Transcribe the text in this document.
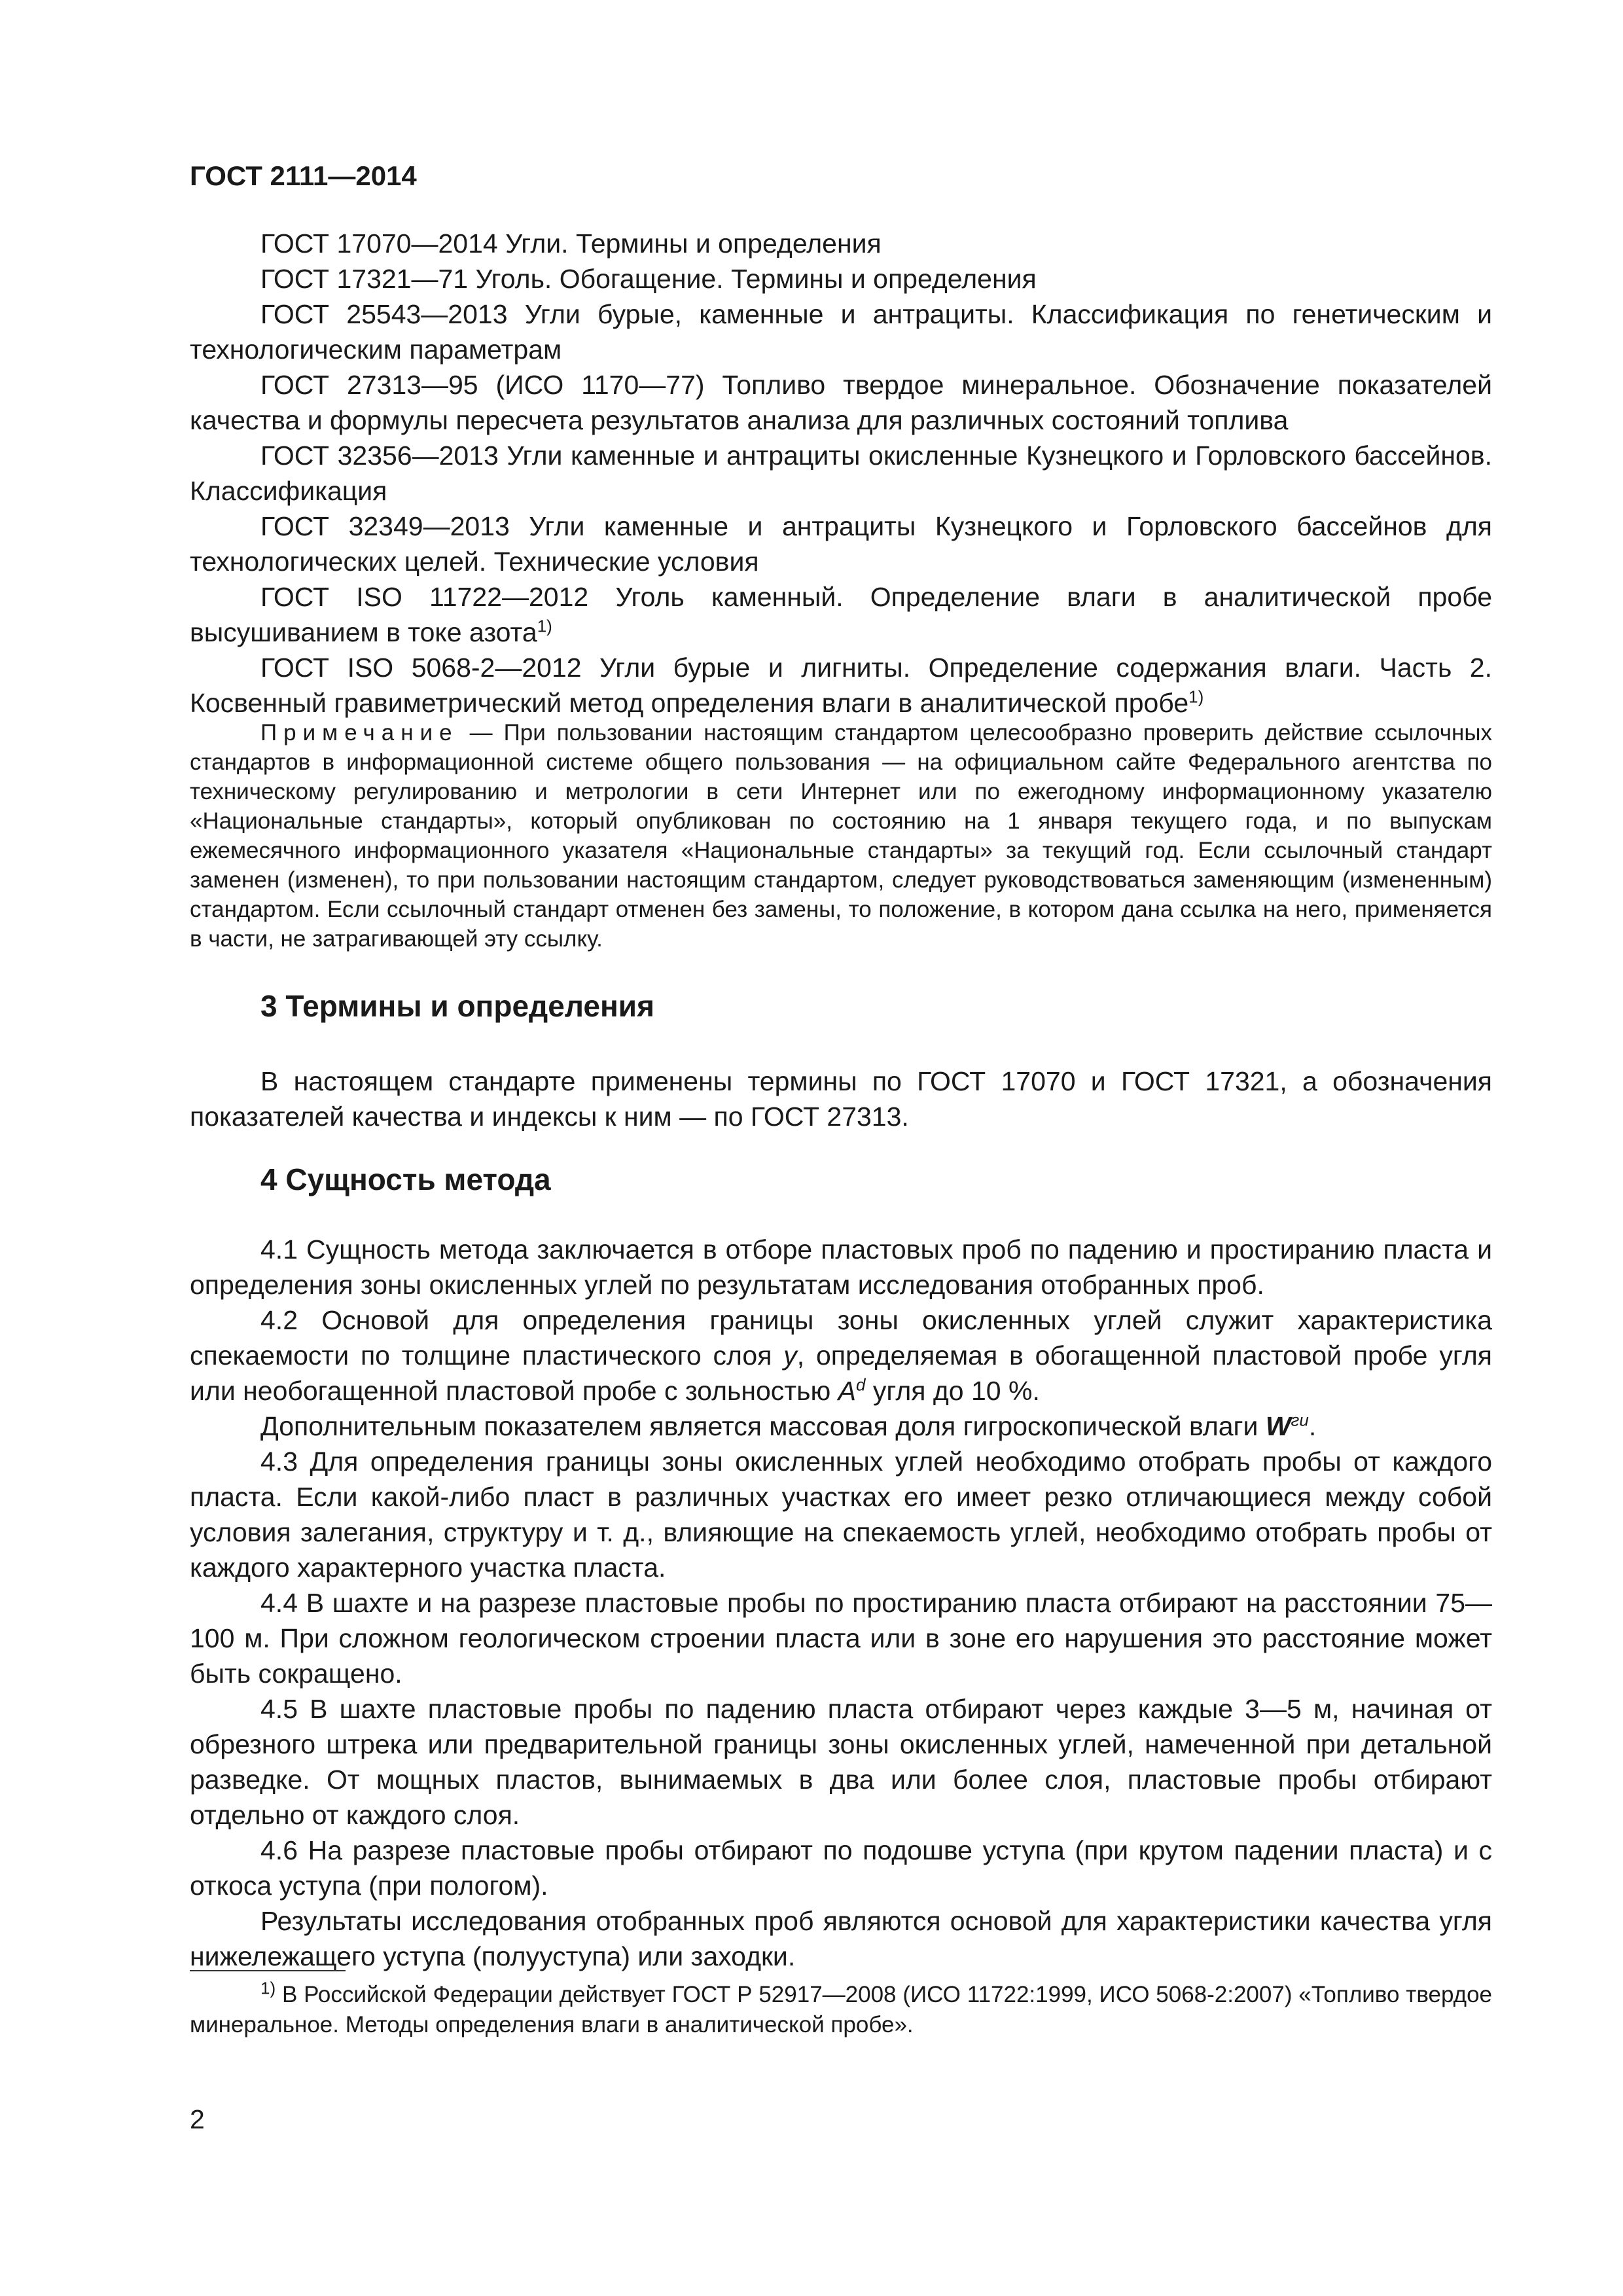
ГОСТ 2111—2014

ГОСТ 17070—2014 Угли. Термины и определения

ГОСТ 17321—71 Уголь. Обогащение. Термины и определения

ГОСТ 25543—2013 Угли бурые, каменные и антрациты. Классификация по генетическим и технологическим параметрам

ГОСТ 27313—95 (ИСО 1170—77) Топливо твердое минеральное. Обозначение показателей качества и формулы пересчета результатов анализа для различных состояний топлива

ГОСТ 32356—2013 Угли каменные и антрациты окисленные Кузнецкого и Горловского бассейнов. Классификация

ГОСТ 32349—2013 Угли каменные и антрациты Кузнецкого и Горловского бассейнов для технологических целей. Технические условия

ГОСТ ISO 11722—2012 Уголь каменный. Определение влаги в аналитической пробе высушиванием в токе азота$^{1)}$

ГОСТ ISO 5068-2—2012 Угли бурые и лигниты. Определение содержания влаги. Часть 2. Косвенный гравиметрический метод определения влаги в аналитической пробе$^{1)}$

Примечание — При пользовании настоящим стандартом целесообразно проверить действие ссылочных стандартов в информационной системе общего пользования — на официальном сайте Федерального агентства по техническому регулированию и метрологии в сети Интернет или по ежегодному информационному указателю «Национальные стандарты», который опубликован по состоянию на 1 января текущего года, и по выпускам ежемесячного информационного указателя «Национальные стандарты» за текущий год. Если ссылочный стандарт заменен (изменен), то при пользовании настоящим стандартом, следует руководствоваться заменяющим (измененным) стандартом. Если ссылочный стандарт отменен без замены, то положение, в котором дана ссылка на него, применяется в части, не затрагивающей эту ссылку.
3 Термины и определения

В настоящем стандарте применены термины по ГОСТ 17070 и ГОСТ 17321, а обозначения показателей качества и индексы к ним — по ГОСТ 27313.

4 Сущность метода

4.1 Сущность метода заключается в отборе пластовых проб по падению и простиранию пласта и определения зоны окисленных углей по результатам исследования отобранных проб.

4.2 Основой для определения границы зоны окисленных углей служит характеристика спекаемости по толщине пластического слоя y, определяемая в обогащенной пластовой пробе угля или необогащенной пластовой пробе с зольностью $A^d$ угля до 10 %.

Дополнительным показателем является массовая доля гигроскопической влаги $W^{ги}$.

4.3 Для определения границы зоны окисленных углей необходимо отобрать пробы от каждого пласта. Если какой-либо пласт в различных участках его имеет резко отличающиеся между собой условия залегания, структуру и т. д., влияющие на спекаемость углей, необходимо отобрать пробы от каждого характерного участка пласта.

4.4 В шахте и на разрезе пластовые пробы по простиранию пласта отбирают на расстоянии 75—100 м. При сложном геологическом строении пласта или в зоне его нарушения это расстояние может быть сокращено.

4.5 В шахте пластовые пробы по падению пласта отбирают через каждые 3—5 м, начиная от обрезного штрека или предварительной границы зоны окисленных углей, намеченной при детальной разведке. От мощных пластов, вынимаемых в два или более слоя, пластовые пробы отбирают отдельно от каждого слоя.

4.6 На разрезе пластовые пробы отбирают по подошве уступа (при крутом падении пласта) и с откоса уступа (при пологом).

Результаты исследования отобранных проб являются основой для характеристики качества угля нижележащего уступа (полууступа) или заходки.

$^{1)}$ В Российской Федерации действует ГОСТ Р 52917—2008 (ИСО 11722:1999, ИСО 5068-2:2007) «Топливо твердое минеральное. Методы определения влаги в аналитической пробе».
2
